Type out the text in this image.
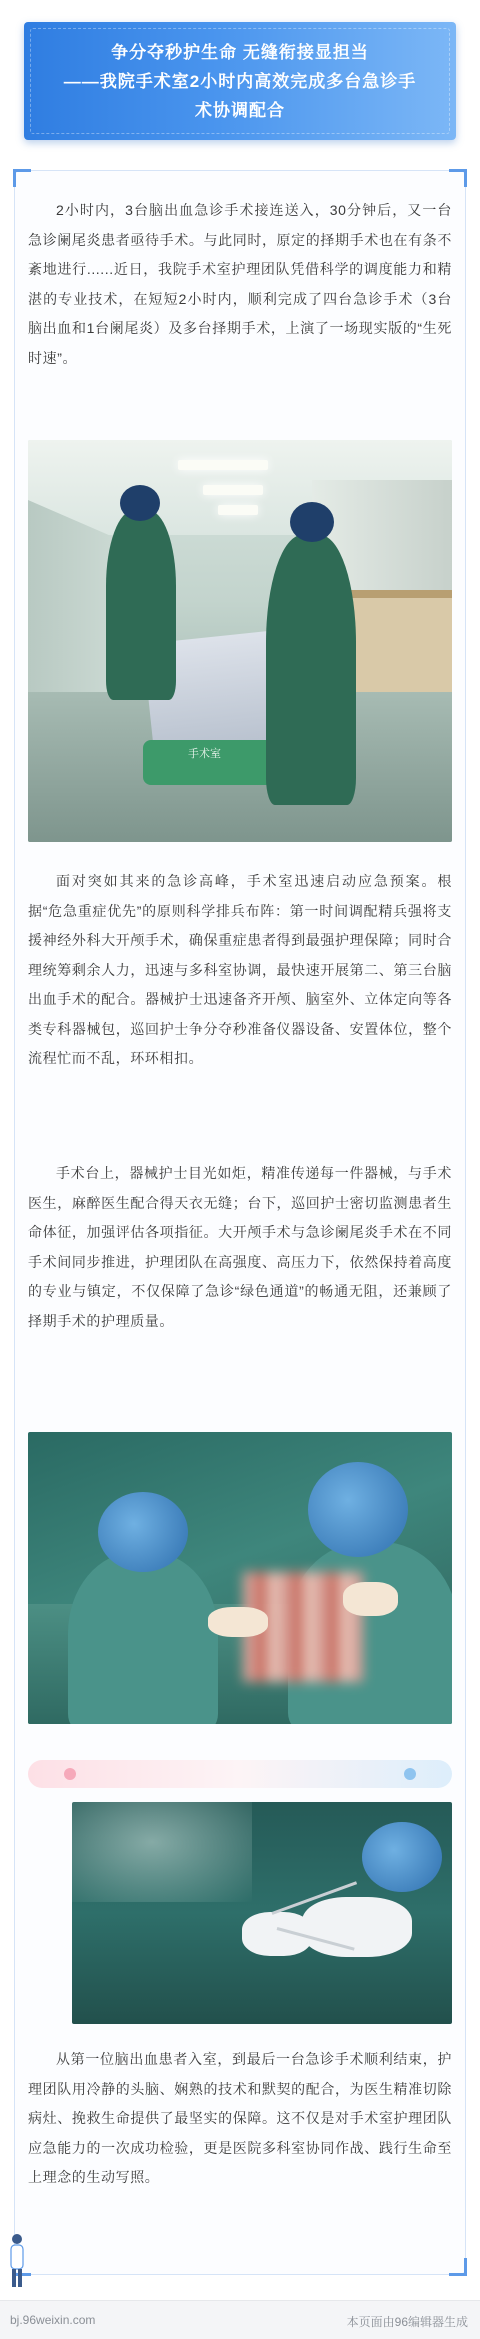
争分夺秒护生命 无缝衔接显担当
——我院手术室2小时内高效完成多台急诊手
术协调配合

2小时内，3台脑出血急诊手术接连送入，30分钟后，又一台急诊阑尾炎患者亟待手术。与此同时，原定的择期手术也在有条不紊地进行......近日，我院手术室护理团队凭借科学的调度能力和精湛的专业技术，在短短2小时内，顺利完成了四台急诊手术（3台脑出血和1台阑尾炎）及多台择期手术，上演了一场现实版的“生死时速”。

手术室

面对突如其来的急诊高峰，手术室迅速启动应急预案。根据“危急重症优先”的原则科学排兵布阵：第一时间调配精兵强将支援神经外科大开颅手术，确保重症患者得到最强护理保障；同时合理统筹剩余人力，迅速与多科室协调，最快速开展第二、第三台脑出血手术的配合。器械护士迅速备齐开颅、脑室外、立体定向等各类专科器械包，巡回护士争分夺秒准备仪器设备、安置体位，整个流程忙而不乱，环环相扣。

手术台上，器械护士目光如炬，精准传递每一件器械，与手术医生，麻醉医生配合得天衣无缝；台下，巡回护士密切监测患者生命体征，加强评估各项指征。大开颅手术与急诊阑尾炎手术在不同手术间同步推进，护理团队在高强度、高压力下，依然保持着高度的专业与镇定，不仅保障了急诊“绿色通道”的畅通无阻，还兼顾了择期手术的护理质量。

从第一位脑出血患者入室，到最后一台急诊手术顺利结束，护理团队用冷静的头脑、娴熟的技术和默契的配合，为医生精准切除病灶、挽救生命提供了最坚实的保障。这不仅是对手术室护理团队应急能力的一次成功检验，更是医院多科室协同作战、践行生命至上理念的生动写照。

bj.96weixin.com	本页面由96编辑器生成
